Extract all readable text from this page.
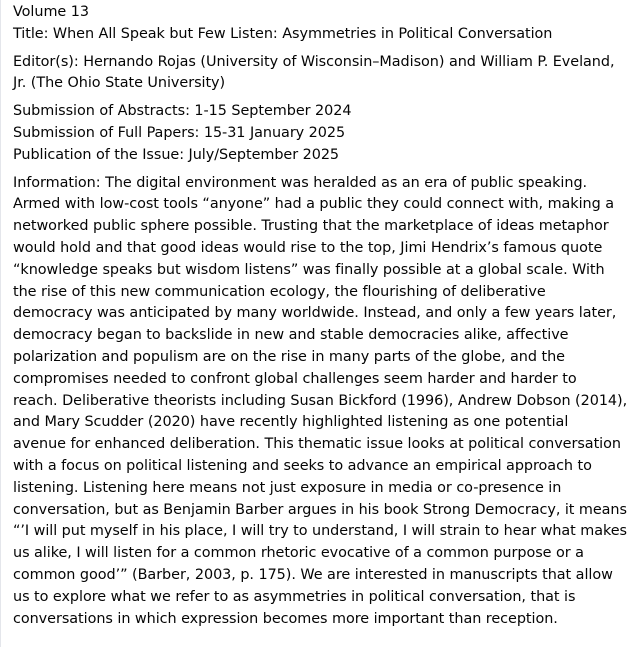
Volume 13
Title: When All Speak but Few Listen: Asymmetries in Political Conversation

Editor(s): Hernando Rojas (University of Wisconsin–Madison) and William P. Eveland,
Jr. (The Ohio State University)

Submission of Abstracts: 1-15 September 2024
Submission of Full Papers: 15-31 January 2025
Publication of the Issue: July/September 2025

Information: The digital environment was heralded as an era of public speaking.
Armed with low-cost tools “anyone” had a public they could connect with, making a
networked public sphere possible. Trusting that the marketplace of ideas metaphor
would hold and that good ideas would rise to the top, Jimi Hendrix’s famous quote
“knowledge speaks but wisdom listens” was finally possible at a global scale. With
the rise of this new communication ecology, the flourishing of deliberative
democracy was anticipated by many worldwide. Instead, and only a few years later,
democracy began to backslide in new and stable democracies alike, affective
polarization and populism are on the rise in many parts of the globe, and the
compromises needed to confront global challenges seem harder and harder to
reach. Deliberative theorists including Susan Bickford (1996), Andrew Dobson (2014),
and Mary Scudder (2020) have recently highlighted listening as one potential
avenue for enhanced deliberation. This thematic issue looks at political conversation
with a focus on political listening and seeks to advance an empirical approach to
listening. Listening here means not just exposure in media or co-presence in
conversation, but as Benjamin Barber argues in his book Strong Democracy, it means
“’I will put myself in his place, I will try to understand, I will strain to hear what makes
us alike, I will listen for a common rhetoric evocative of a common purpose or a
common good’” (Barber, 2003, p. 175). We are interested in manuscripts that allow
us to explore what we refer to as asymmetries in political conversation, that is
conversations in which expression becomes more important than reception.
